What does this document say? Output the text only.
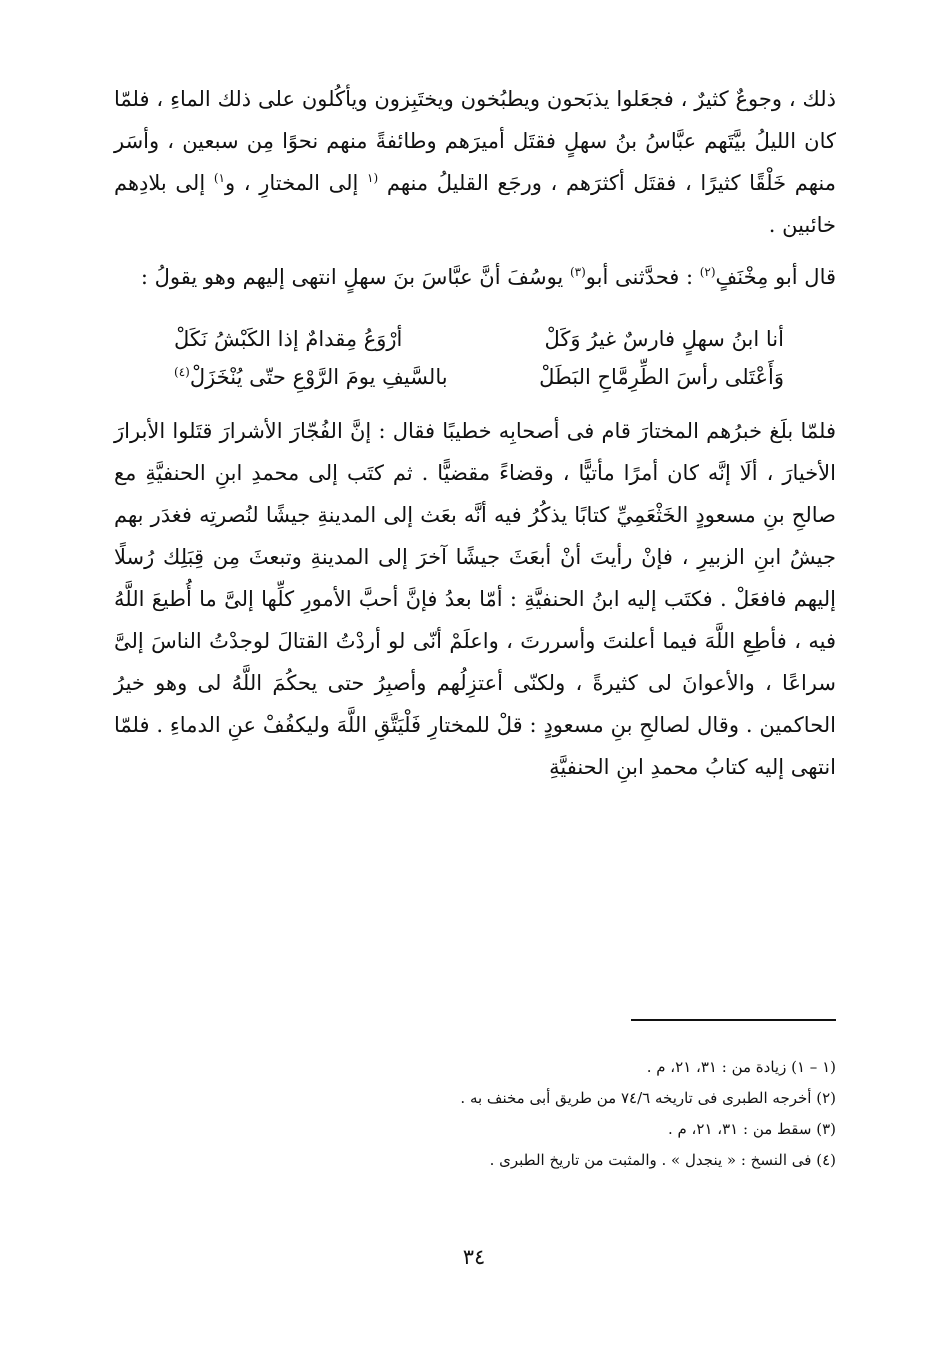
ذلك ، وجوعٌ كثيرٌ ، فجعَلوا يذبَحون ويطبُخون ويختَبِزون ويأكُلون على ذلك الماءِ ، فلمّا كان الليلُ بيَّتَهم عبَّاسُ بنُ سهلٍ فقتَل أميرَهم وطائفةً منهم نحوًا مِن سبعين ، وأسَر منهم خَلْقًا كثيرًا ، فقتَل أكثرَهم ، ورجَع القليلُ منهم $^{(١}$ إلى المختارِ ، و$^{١)}$ إلى بلادِهم خائبين .

قال أبو مِخْنَفٍ$^{(٢)}$ : فحدَّثنى أبو$^{(٣)}$ يوسُفَ أنَّ عبَّاسَ بنَ سهلٍ انتهى إليهم وهو يقولُ :

أنا ابنُ سهلٍ فارسٌ غيرُ وَكَلْ
أرْوَعُ مِقدامٌ إذا الكَبْشُ نَكَلْ
وَأَعْتَلى رأسَ الطِّرِمَّاحِ البَطَلْ
بالسَّيفِ يومَ الرَّوْعِ حتّى يُنْخَزَلْ$^{(٤)}$

فلمّا بلَغ خبرُهم المختارَ قام فى أصحابِه خطيبًا فقال : إنَّ الفُجّارَ الأشرارَ قتَلوا الأبرارَ الأخيارَ ، ألَا إنَّه كان أمرًا مأتيًّا ، وقضاءً مقضيًّا . ثم كتَب إلى محمدِ ابنِ الحنفيَّةِ مع صالحِ بنِ مسعودٍ الخَثْعَمِيِّ كتابًا يذكُرُ فيه أنَّه بعَث إلى المدينةِ جيشًا لنُصرتِه فغدَر بهم جيشُ ابنِ الزبيرِ ، فإنْ رأيتَ أنْ أبعَثَ جيشًا آخرَ إلى المدينةِ وتبعثَ مِن قِبَلِك رُسلًا إليهم فافعَلْ . فكتَب إليه ابنُ الحنفيَّةِ : أمّا بعدُ فإنَّ أحبَّ الأمورِ كلِّها إلىَّ ما أُطيعَ اللَّهُ فيه ، فأطِعِ اللَّهَ فيما أعلنتَ وأسررتَ ، واعلَمْ أنّى لو أردْتُ القتالَ لوجدْتُ الناسَ إلىَّ سراعًا ، والأعوانَ لى كثيرةً ، ولكنّى أعتزِلُهم وأصبِرُ حتى يحكُمَ اللَّهُ لى وهو خيرُ الحاكمين . وقال لصالحِ بنِ مسعودٍ : قلْ للمختارِ فَلْيَتَّقِ اللَّهَ وليكفُفْ عنِ الدماءِ . فلمّا انتهى إليه كتابُ محمدِ ابنِ الحنفيَّةِ

(١ – ١) زيادة من : ٣١، ٢١، م .

(٢) أخرجه الطبرى فى تاريخه ٧٤/٦ من طريق أبى مخنف به .

(٣) سقط من : ٣١، ٢١، م .

(٤) فى النسخ : « ينجدل » . والمثبت من تاريخ الطبرى .

٣٤
